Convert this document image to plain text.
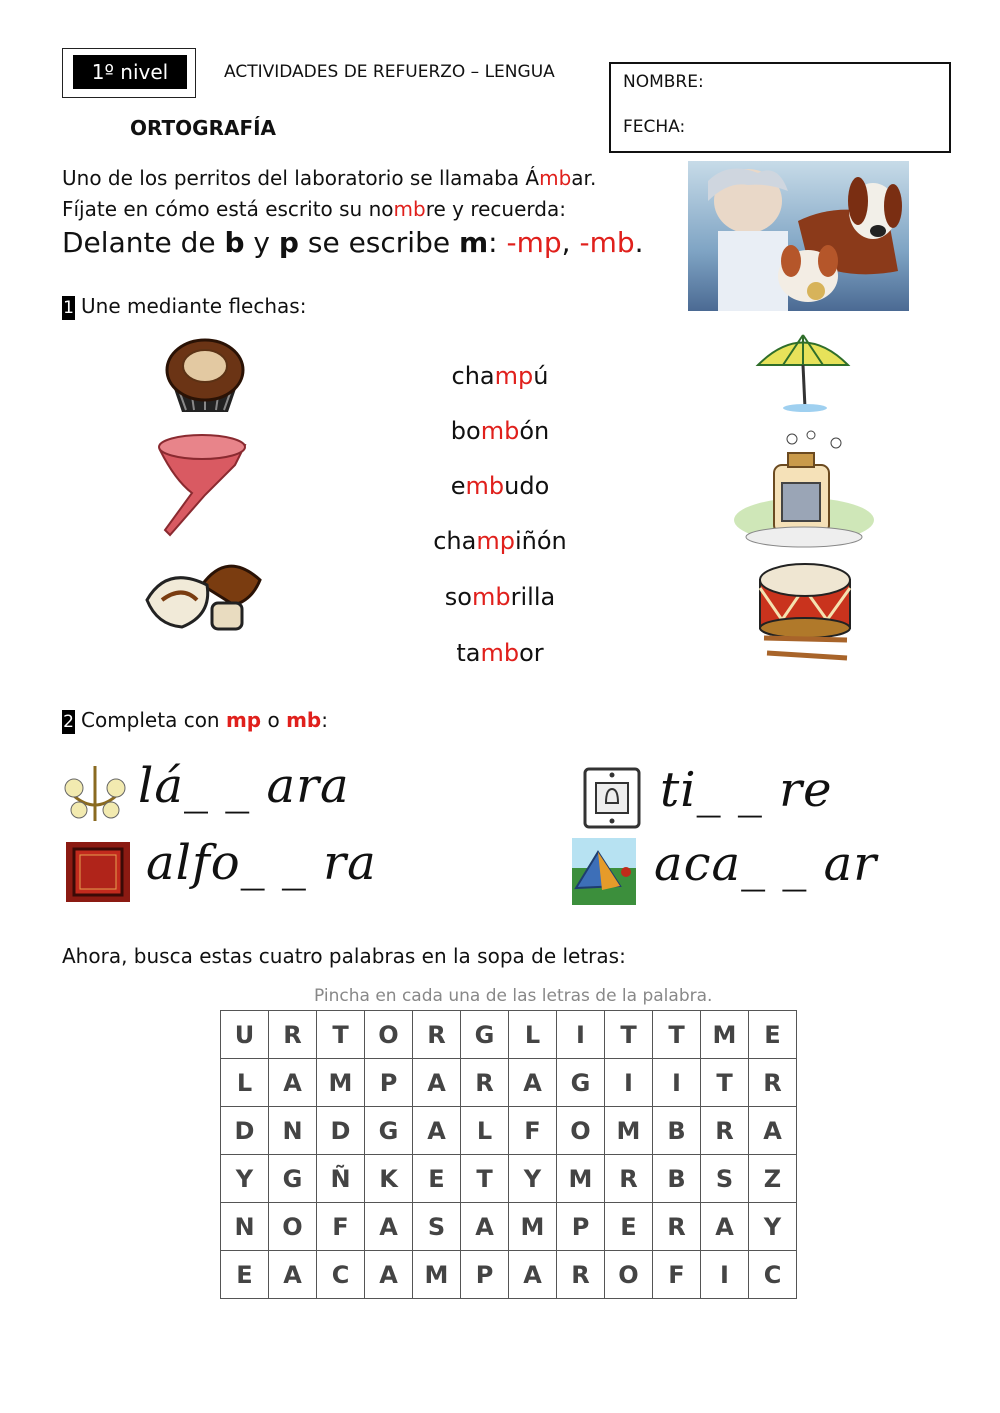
1º nivel	ACTIVIDADES DE REFUERZO – LENGUA	NOMBRE:
FECHA:
ORTOGRAFÍA
Uno de los perritos del laboratorio se llamaba Ámbar.
Fíjate en cómo está escrito su nombre y recuerda:
Delante de b y p se escribe m: -mp, -mb.
1 Une mediante flechas:
champú
bombón
embudo
champiñón
sombrilla
tambor
2 Completa con mp o mb:
lá_ _ ara	ti_ _ re
alfo_ _ ra	aca_ _ ar
Ahora, busca estas cuatro palabras en la sopa de letras:
Pincha en cada una de las letras de la palabra.
U	R	T	O	R	G	L	I	T	T	M	E
L	A	M	P	A	R	A	G	I	I	T	R
D	N	D	G	A	L	F	O	M	B	R	A
Y	G	Ñ	K	E	T	Y	M	R	B	S	Z
N	O	F	A	S	A	M	P	E	R	A	Y
E	A	C	A	M	P	A	R	O	F	I	C
